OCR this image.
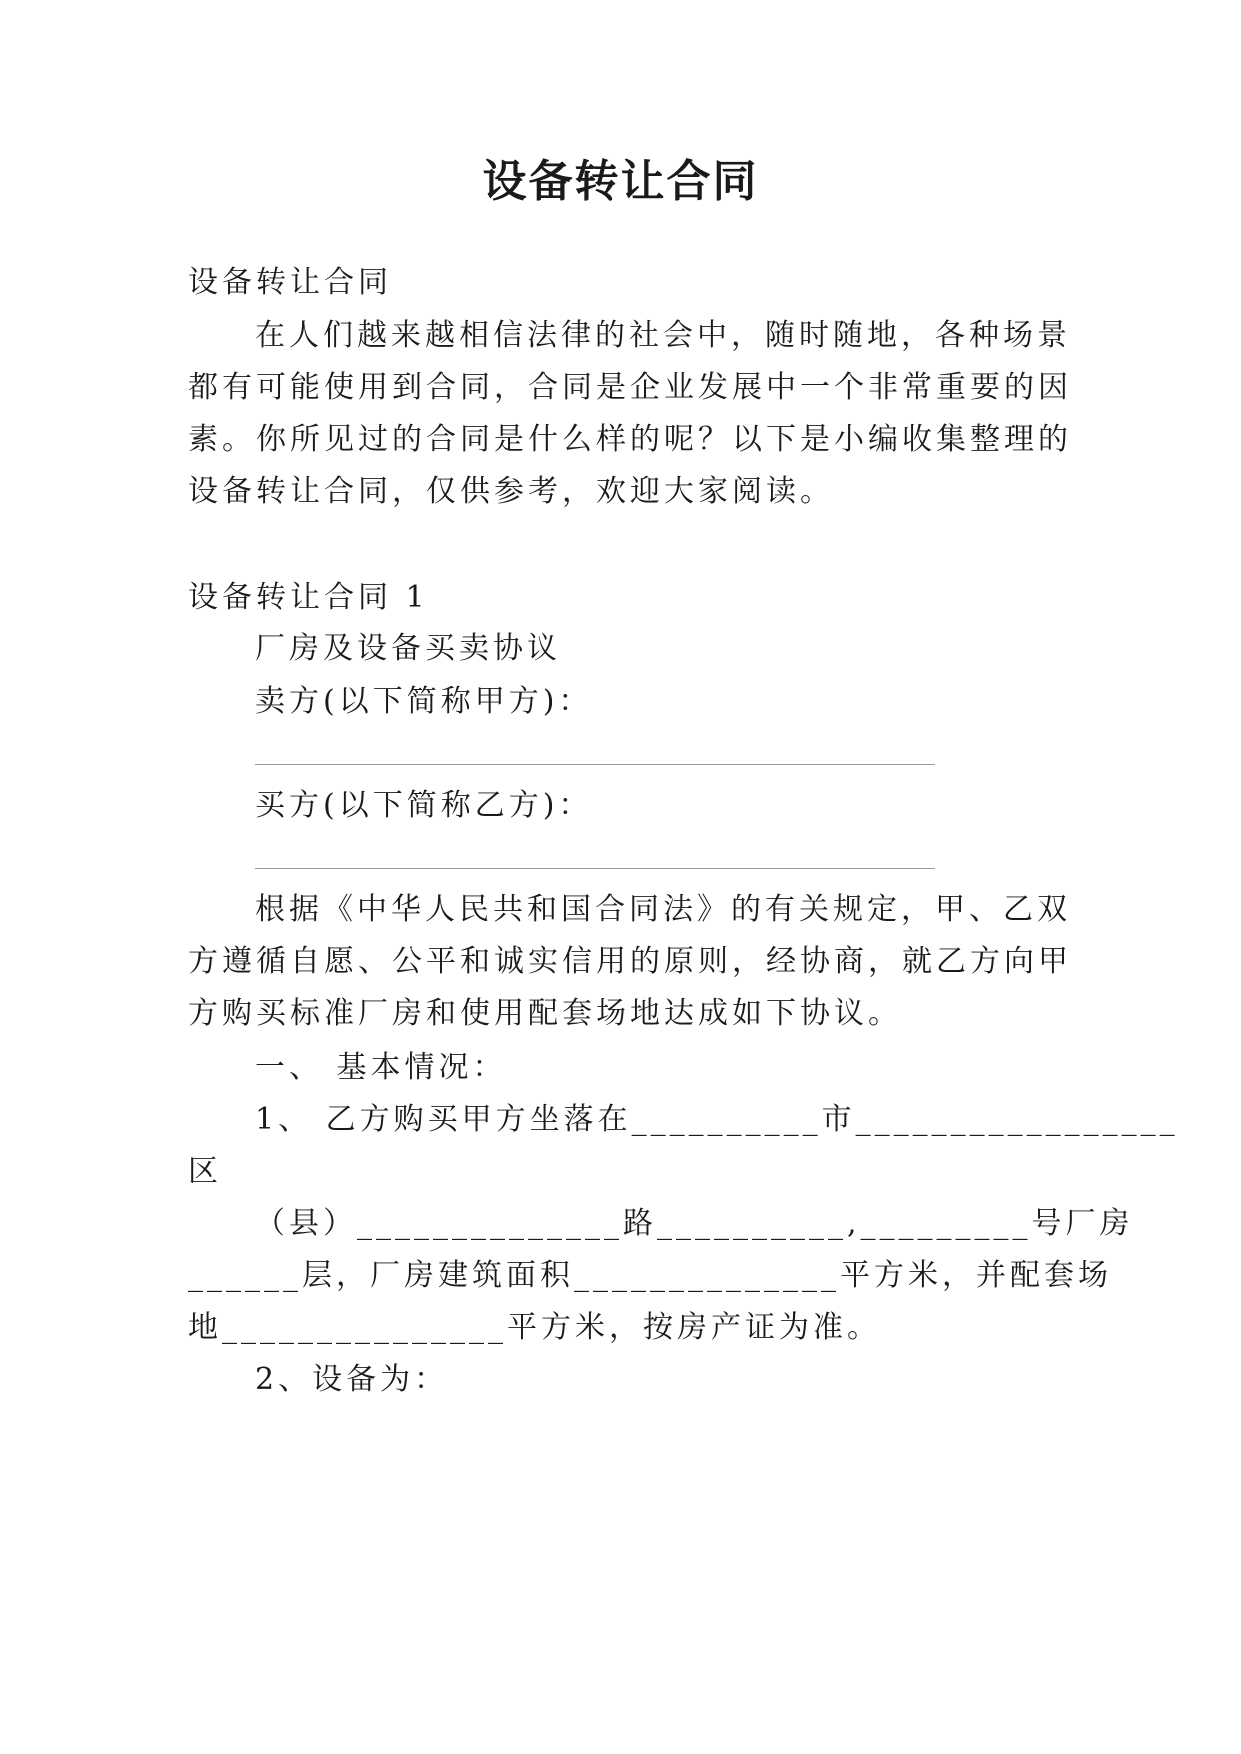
设备转让合同
设备转让合同
在人们越来越相信法律的社会中，随时随地，各种场景
都有可能使用到合同，合同是企业发展中一个非常重要的因
素。你所见过的合同是什么样的呢？以下是小编收集整理的
设备转让合同，仅供参考，欢迎大家阅读。
设备转让合同 1
厂房及设备买卖协议
卖方(以下简称甲方)：
买方(以下简称乙方)：
根据《中华人民共和国合同法》的有关规定，甲、乙双
方遵循自愿、公平和诚实信用的原则，经协商，就乙方向甲
方购买标准厂房和使用配套场地达成如下协议。
一、 基本情况：
1、 乙方购买甲方坐落在__________市_________________
区
（县）______________路__________,_________号厂房
______层，厂房建筑面积______________平方米，并配套场
地_______________平方米，按房产证为准。
2、设备为：
